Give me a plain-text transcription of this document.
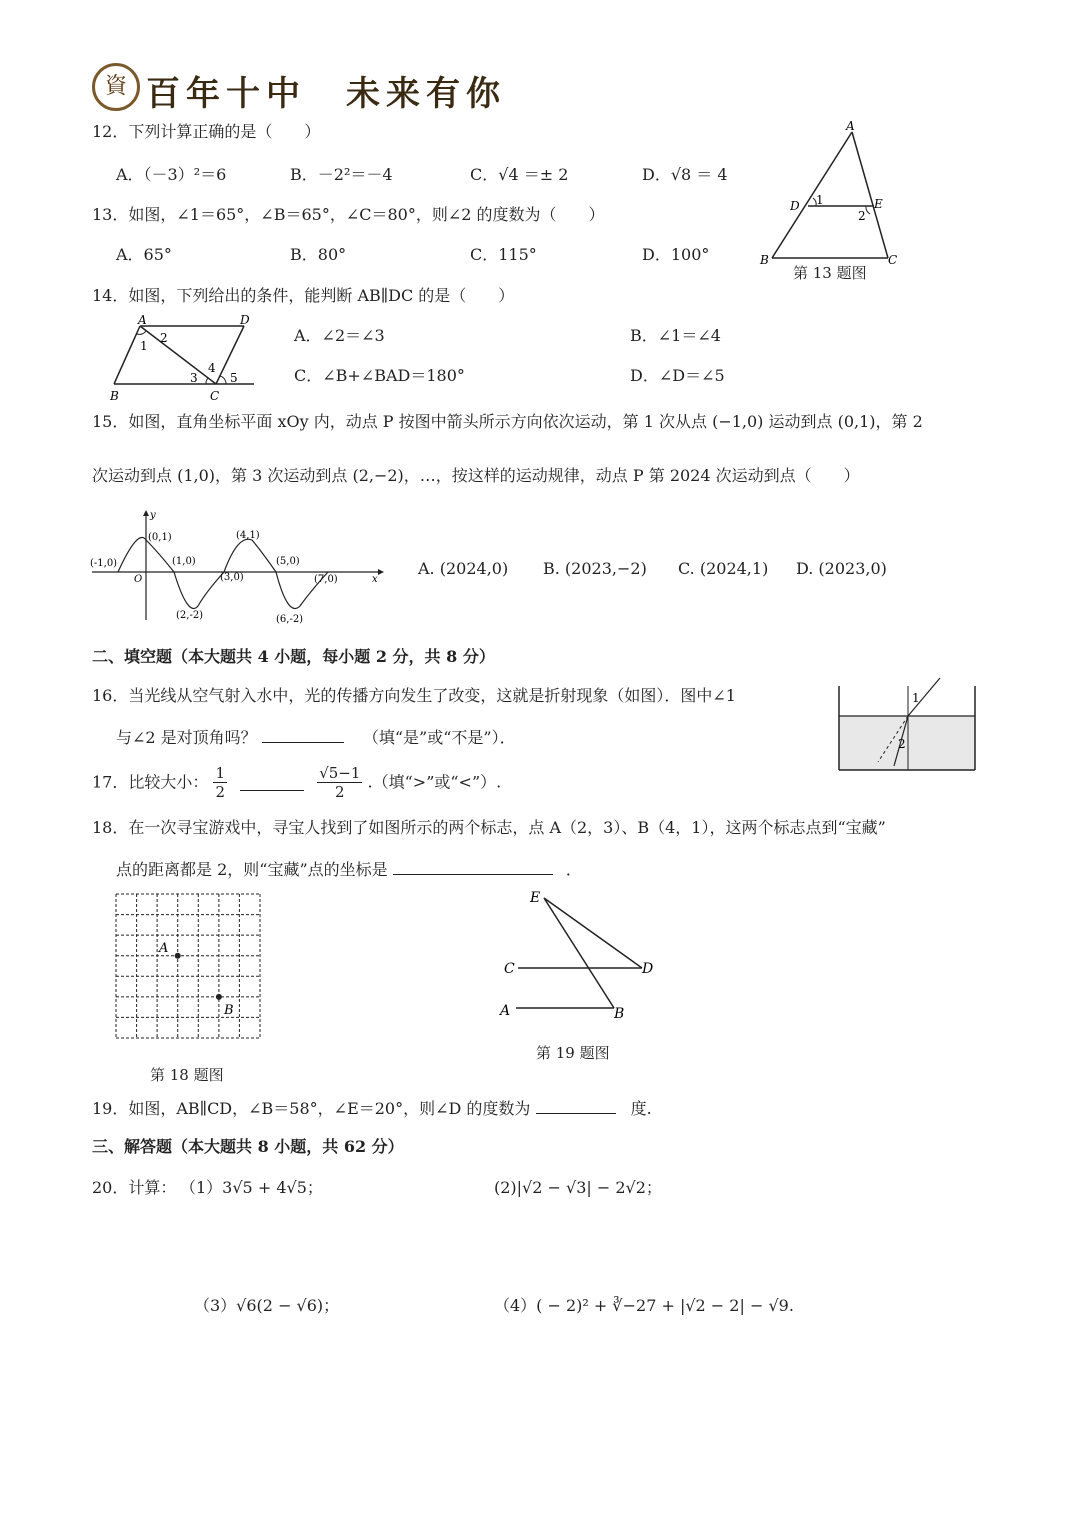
資 百年十中　未来有你
12．下列计算正确的是（　　）
A．（－3）²＝6	B．－2²＝－4	C．√4 ＝± 2	D．√8 ＝ 4
13．如图，∠1＝65°，∠B＝65°，∠C＝80°，则∠2 的度数为（　　）
A．65°	B．80°	C．115°	D．100°
A
D	E
1
2
B	C
第 13 题图
14．如图，下列给出的条件，能判断 AB∥DC 的是（　　）
A	D
1
2
3
4
5
B	C
A．∠2＝∠3	B．∠1＝∠4
C．∠B+∠BAD＝180°	D．∠D＝∠5
15．如图，直角坐标平面 xOy 内，动点 P 按图中箭头所示方向依次运动，第 1 次从点 (−1,0) 运动到点 (0,1)，第 2
次运动到点 (1,0)，第 3 次运动到点 (2,−2)，…，按这样的运动规律，动点 P 第 2024 次运动到点（　　）
(-1,0)
(0,1)
(1,0)
(2,-2)
(3,0)
(4,1)
(5,0)
(6,-2)
(7,0)
O	x
y
A. (2024,0) B. (2023,−2) C. (2024,1) D. (2023,0)
二、填空题（本大题共 4 小题，每小题 2 分，共 8 分）
16．当光线从空气射入水中，光的传播方向发生了改变，这就是折射现象（如图）．图中∠1
与∠2 是对顶角吗？	（填“是”或“不是”）．
1
2
17．比较大小： $\frac{1}{2}$
	$\frac{√5-1}{2}$ .（填“>”或“<”）.
18．在一次寻宝游戏中，寻宝人找到了如图所示的两个标志，点 A（2，3）、B（4，1），这两个标志点到“宝藏”
点的距离都是 2，则“宝藏”点的坐标是	．
A
B
第 18 题图
E
C	D
A	B
第 19 题图
19．如图，AB∥CD，∠B＝58°，∠E＝20°，则∠D 的度数为	度.
三、解答题（本大题共 8 小题，共 62 分）
20．计算： （1）3√5 + 4√5；	(2)|√2 − √3| − 2√2；
（3）√6(2 − √6)；	（4）( − 2)² + ∛−27 + |√2 − 2| − √9.
